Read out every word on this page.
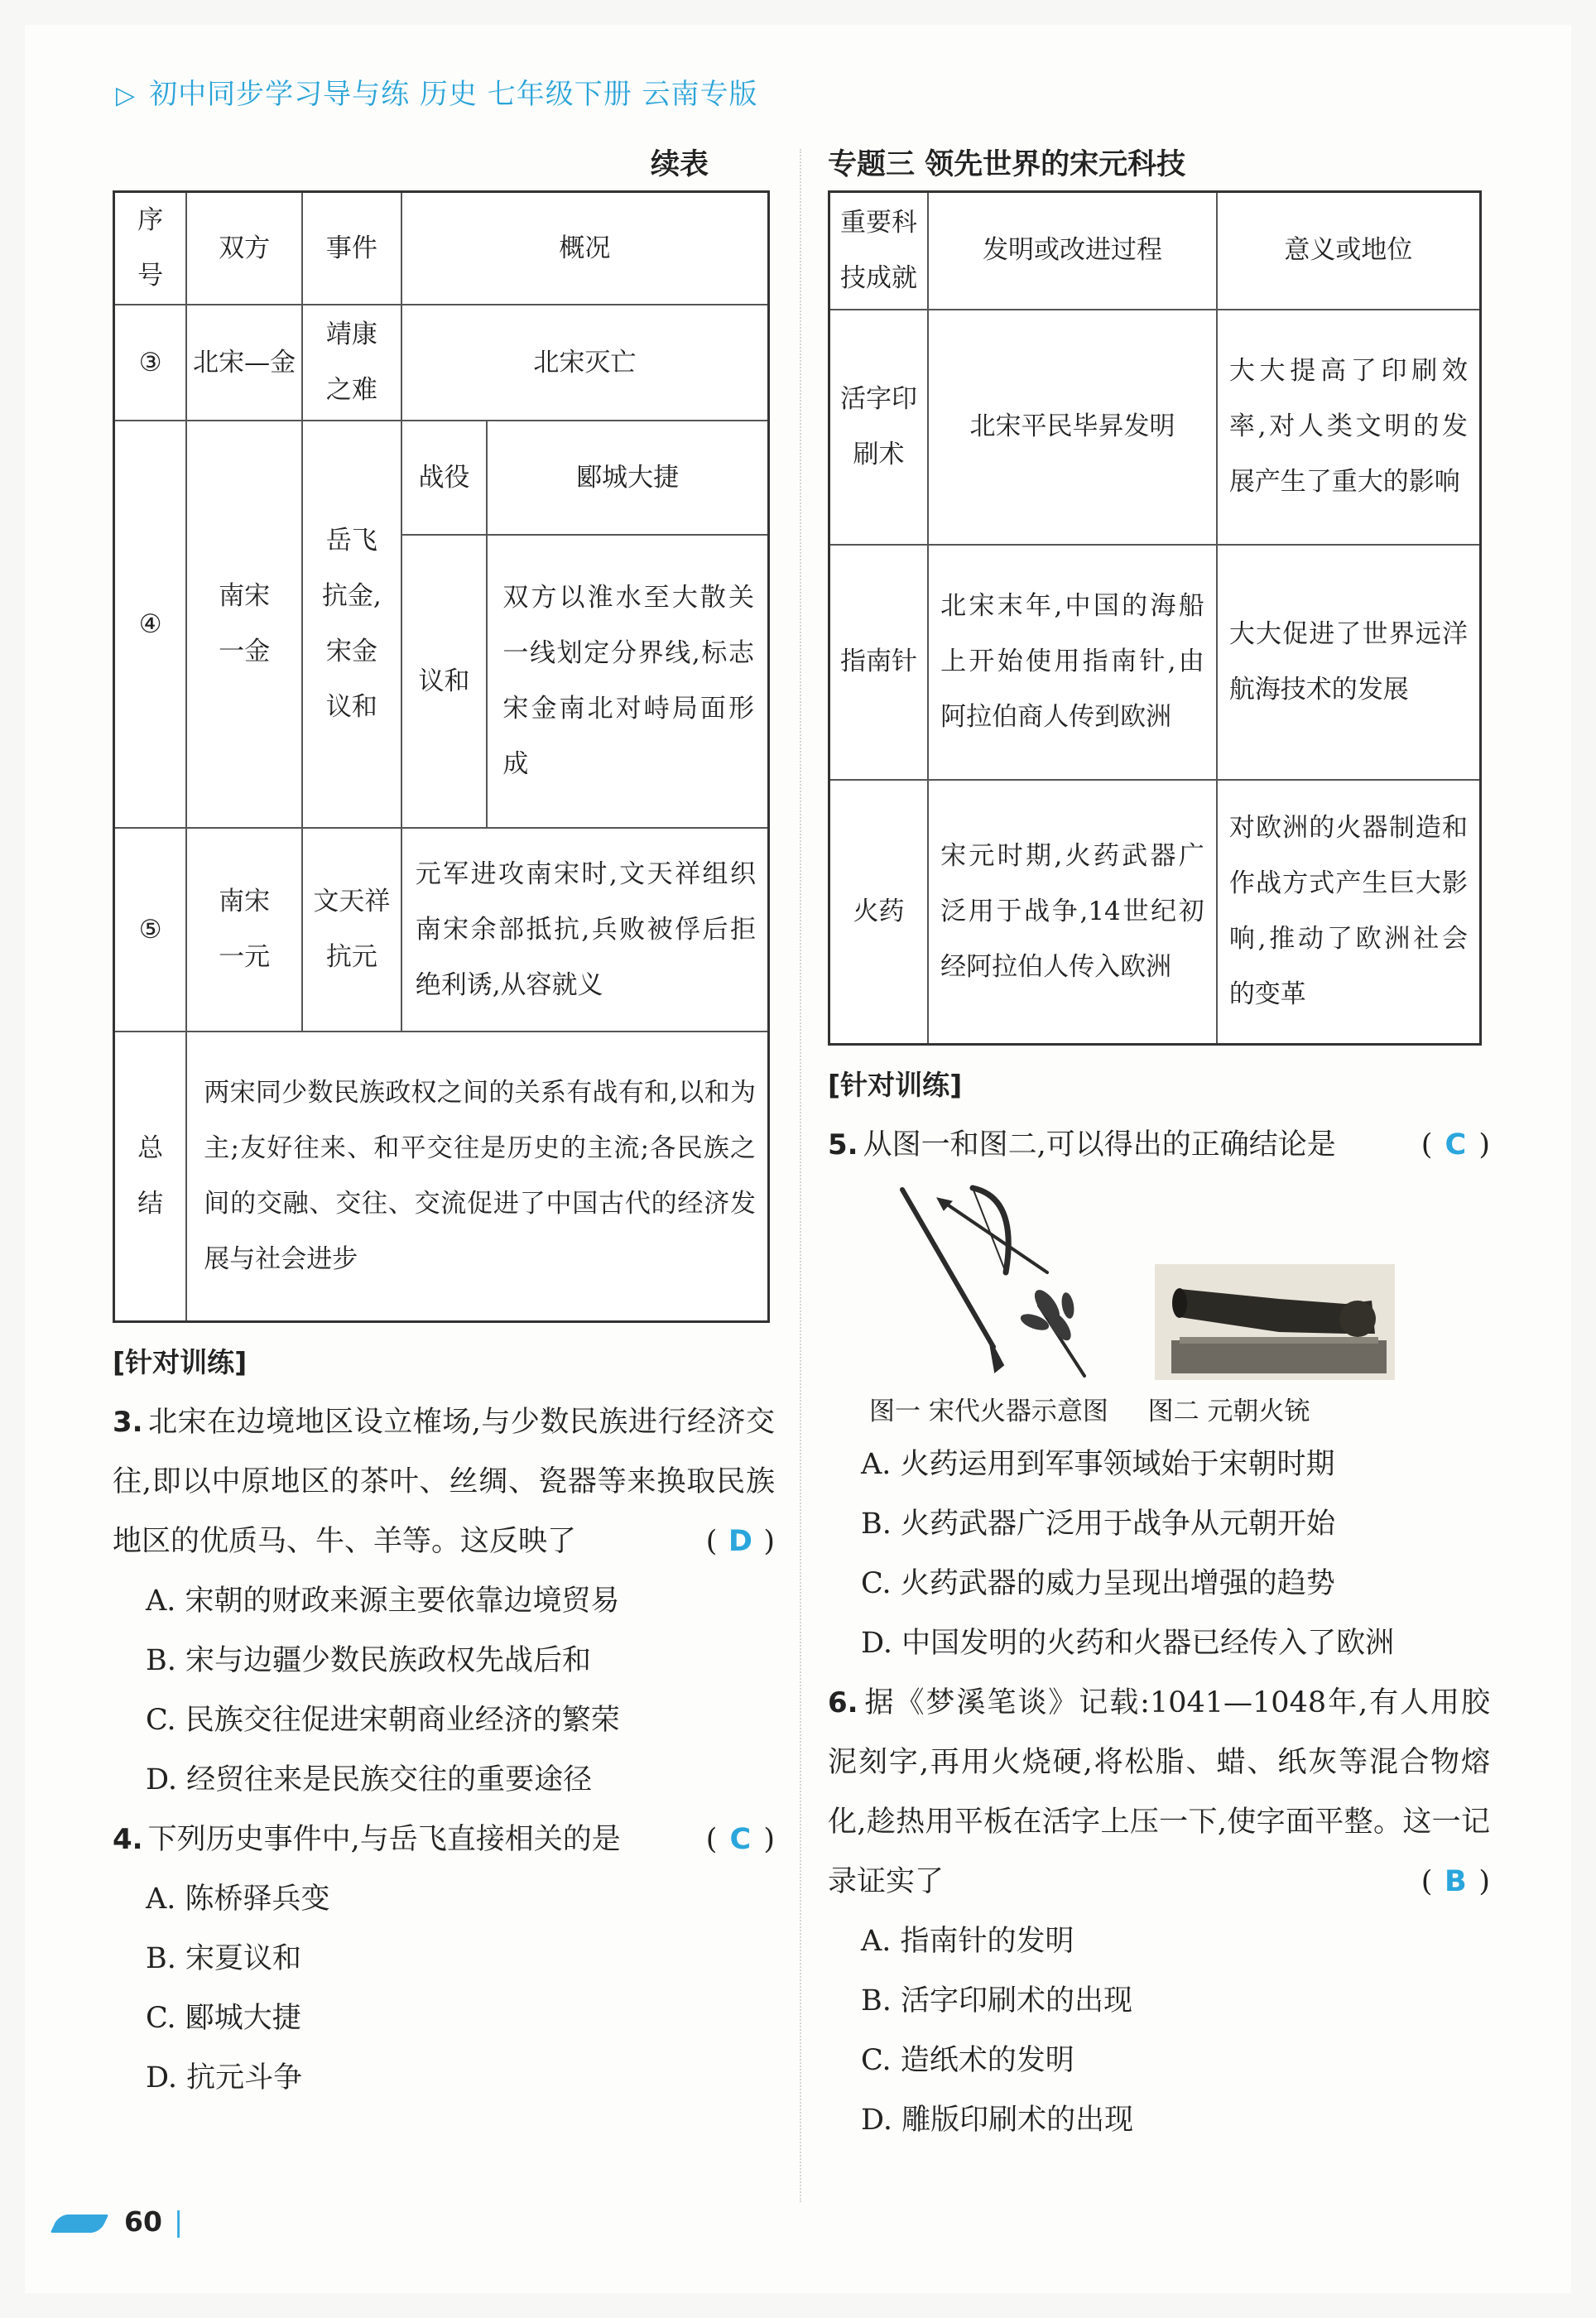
▷ 初中同步学习导与练 历史 七年级下册 云南专版
续表
序号	双方	事件	概况	
③	北宋—金	靖康之难	北宋灭亡	
④	南宋一金	岳飞抗金,宋金议和	战役	郾城大捷
			议和	双方以淮水至大散关一线划定分界线,标志宋金南北对峙局面形成
⑤	南宋一元	文天祥抗元	元军进攻南宋时,文天祥组织南宋余部抵抗,兵败被俘后拒绝利诱,从容就义	
总结	两宋同少数民族政权之间的关系有战有和,以和为主;友好往来、和平交往是历史的主流;各民族之间的交融、交往、交流促进了中国古代的经济发展与社会进步			
[针对训练]
3. 北宋在边境地区设立榷场,与少数民族进行经济交往,即以中原地区的茶叶、丝绸、瓷器等来换取民族地区的优质马、牛、羊等。这反映了	( D )
A. 宋朝的财政来源主要依靠边境贸易
B. 宋与边疆少数民族政权先战后和
C. 民族交往促进宋朝商业经济的繁荣
D. 经贸往来是民族交往的重要途径
4. 下列历史事件中,与岳飞直接相关的是	( C )
A. 陈桥驿兵变
B. 宋夏议和
C. 郾城大捷
D. 抗元斗争
专题三 领先世界的宋元科技
重要科技成就	发明或改进过程	意义或地位
活字印刷术	北宋平民毕昇发明	大大提高了印刷效率,对人类文明的发展产生了重大的影响
指南针	北宋末年,中国的海船上开始使用指南针,由阿拉伯商人传到欧洲	大大促进了世界远洋航海技术的发展
火药	宋元时期,火药武器广泛用于战争,14世纪初经阿拉伯人传入欧洲	对欧洲的火器制造和作战方式产生巨大影响,推动了欧洲社会的变革
[针对训练]
5. 从图一和图二,可以得出的正确结论是	( C )
图一 宋代火器示意图 图二 元朝火铳
A. 火药运用到军事领域始于宋朝时期
B. 火药武器广泛用于战争从元朝开始
C. 火药武器的威力呈现出增强的趋势
D. 中国发明的火药和火器已经传入了欧洲
6. 据《梦溪笔谈》记载:1041—1048年,有人用胶泥刻字,再用火烧硬,将松脂、蜡、纸灰等混合物熔化,趁热用平板在活字上压一下,使字面平整。这一记录证实了	( B )
A. 指南针的发明
B. 活字印刷术的出现
C. 造纸术的发明
D. 雕版印刷术的出现
60 |
